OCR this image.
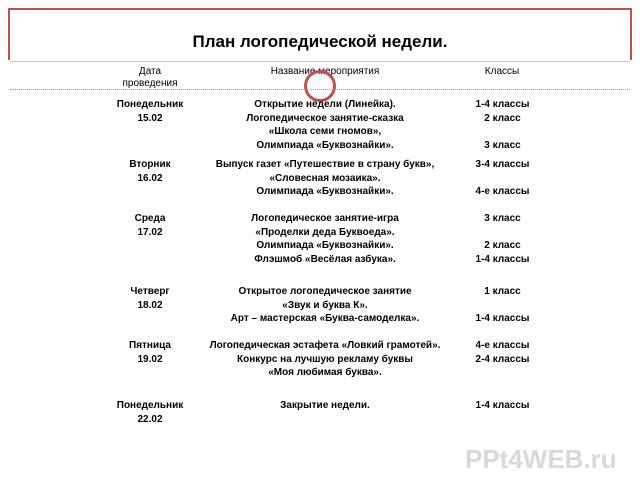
План логопедической недели.
Дата
проведения
Название мероприятия	Классы
Понедельник
15.02
Открытие недели (Линейка).
Логопедическое занятие-сказка
«Школа семи гномов»,
Олимпиада «Буквознайки».
1-4 классы
2 класс
3 класс
Вторник
16.02
Выпуск газет «Путешествие в страну букв»,
«Словесная мозаика».
Олимпиада «Буквознайки».
3-4 классы
4-е классы
Среда
17.02
Логопедическое занятие-игра
«Проделки деда Буквоеда».
Олимпиада «Буквознайки».
Флэшмоб «Весёлая азбука».
3 класс
2 класс
1-4 классы
Четверг
18.02
Открытое логопедическое занятие
«Звук и буква К».
Арт – мастерская «Буква-самоделка».
1 класс
1-4 классы
Пятница
19.02
Логопедическая эстафета «Ловкий грамотей».
Конкурс на лучшую рекламу буквы
«Моя любимая буква».
4-е классы
2-4 классы
Понедельник
22.02
Закрытие недели.	1-4 классы
PPt4WEB.ru
